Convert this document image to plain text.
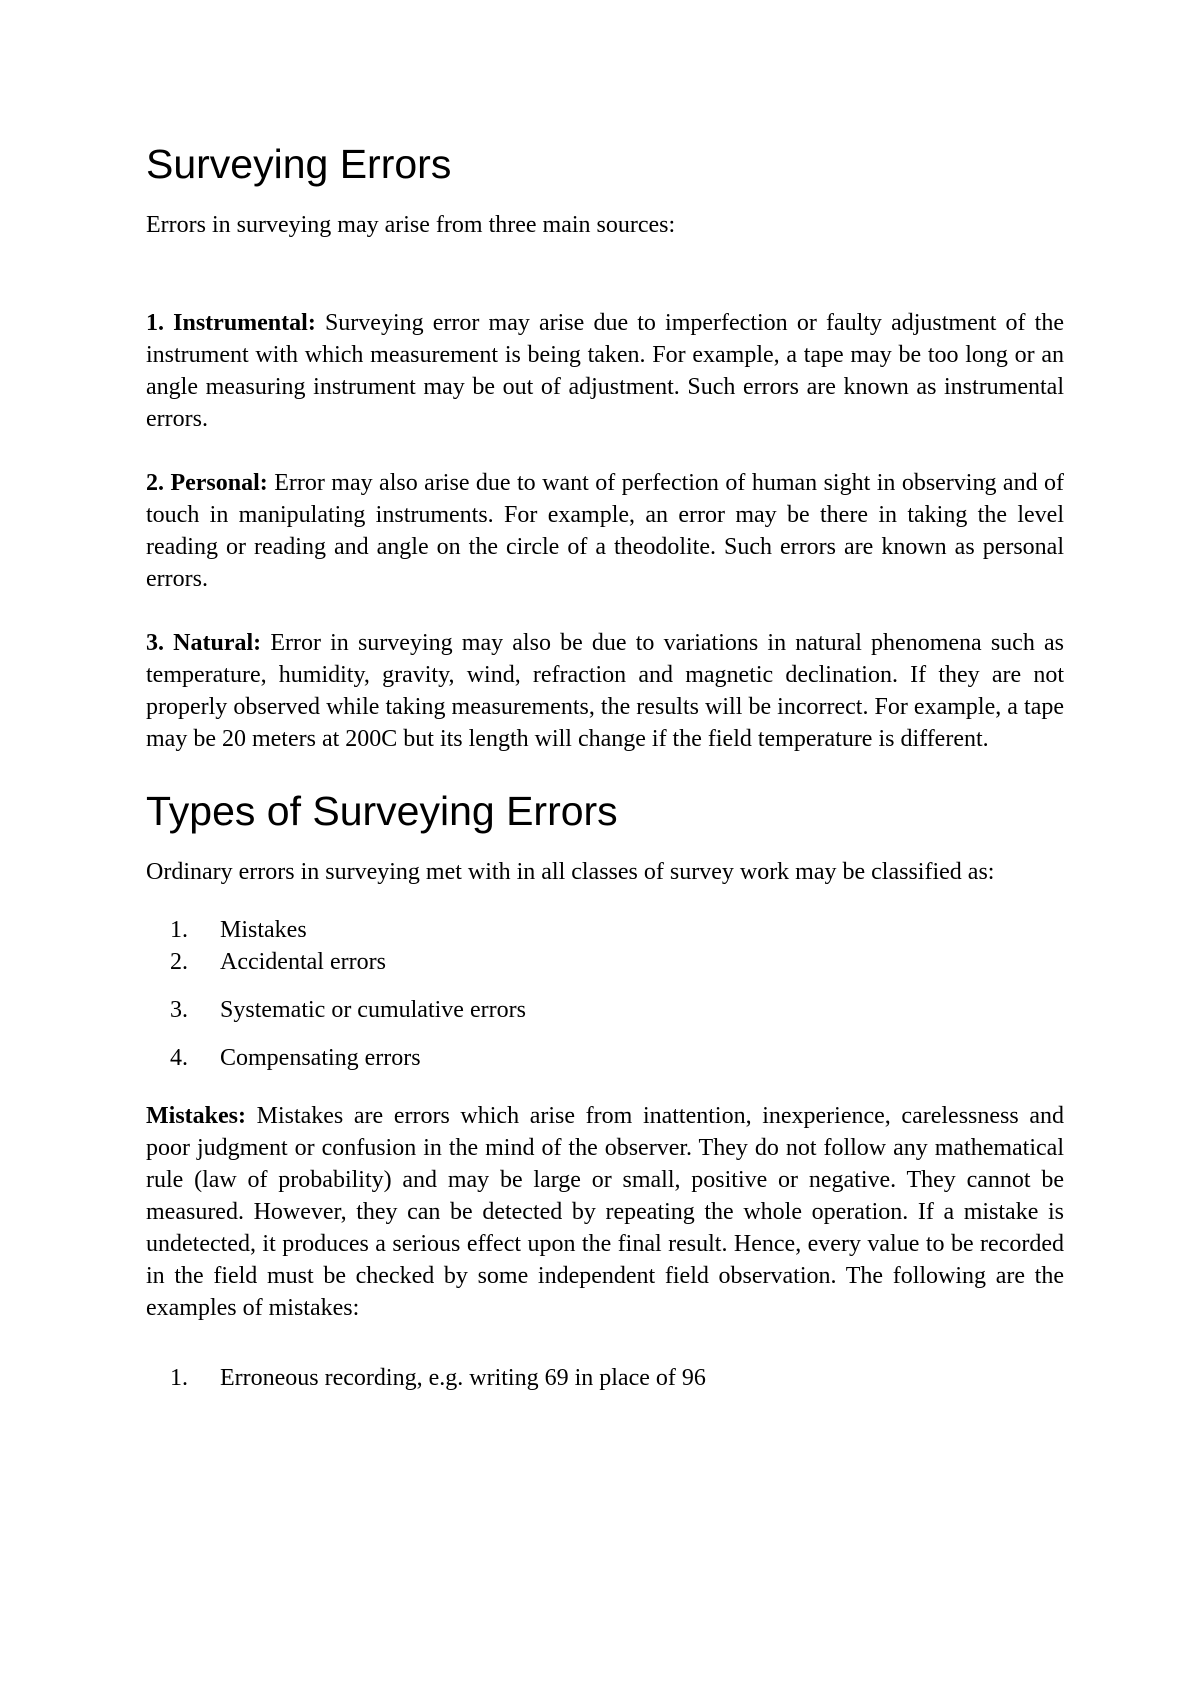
Surveying Errors

Errors in surveying may arise from three main sources:

1. Instrumental: Surveying error may arise due to imperfection or faulty adjustment of the instrument with which measurement is being taken. For example, a tape may be too long or an angle measuring instrument may be out of adjustment. Such errors are known as instrumental errors.

2. Personal: Error may also arise due to want of perfection of human sight in observing and of touch in manipulating instruments. For example, an error may be there in taking the level reading or reading and angle on the circle of a theodolite. Such errors are known as personal errors.

3. Natural: Error in surveying may also be due to variations in natural phenomena such as temperature, humidity, gravity, wind, refraction and magnetic declination. If they are not properly observed while taking measurements, the results will be incorrect. For example, a tape may be 20 meters at 200C but its length will change if the field temperature is different.

Types of Surveying Errors

Ordinary errors in surveying met with in all classes of survey work may be classified as:

1. Mistakes
2. Accidental errors
3. Systematic or cumulative errors
4. Compensating errors

Mistakes: Mistakes are errors which arise from inattention, inexperience, carelessness and poor judgment or confusion in the mind of the observer. They do not follow any mathematical rule (law of probability) and may be large or small, positive or negative. They cannot be measured. However, they can be detected by repeating the whole operation. If a mistake is undetected, it produces a serious effect upon the final result. Hence, every value to be recorded in the field must be checked by some independent field observation. The following are the examples of mistakes:

1. Erroneous recording, e.g. writing 69 in place of 96
